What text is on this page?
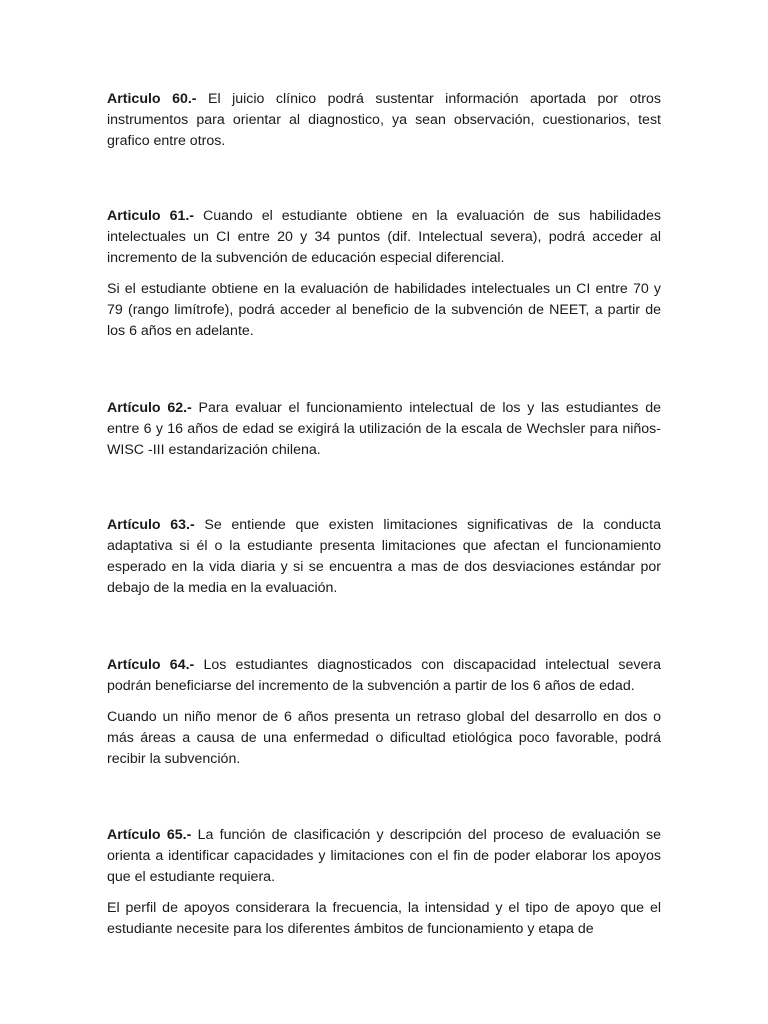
Articulo 60.- El juicio clínico podrá sustentar información aportada por otros instrumentos para orientar al diagnostico, ya sean observación, cuestionarios, test grafico entre otros.

Articulo 61.- Cuando el estudiante obtiene en la evaluación de sus habilidades intelectuales un CI entre 20 y 34 puntos (dif. Intelectual severa), podrá acceder al incremento de la subvención de educación especial diferencial.

Si el estudiante obtiene en la evaluación de habilidades intelectuales un CI entre 70 y 79 (rango limítrofe), podrá acceder al beneficio de la subvención de NEET, a partir de los 6 años en adelante.

Artículo 62.- Para evaluar el funcionamiento intelectual de los y las estudiantes de entre 6 y 16 años de edad se exigirá la utilización de la escala de Wechsler para niños- WISC -III estandarización chilena.

Artículo 63.- Se entiende que existen limitaciones significativas de la conducta adaptativa si él o la estudiante presenta limitaciones que afectan el funcionamiento esperado en la vida diaria y si se encuentra a mas de dos desviaciones estándar por debajo de la media en la evaluación.

Artículo 64.- Los estudiantes diagnosticados con discapacidad intelectual severa podrán beneficiarse del incremento de la subvención a partir de los 6 años de edad.

Cuando un niño menor de 6 años presenta un retraso global del desarrollo en dos o más áreas a causa de una enfermedad o dificultad etiológica poco favorable, podrá recibir la subvención.

Artículo 65.- La función de clasificación y descripción del proceso de evaluación se orienta a identificar capacidades y limitaciones con el fin de poder elaborar los apoyos que el estudiante requiera.

El perfil de apoyos considerara la frecuencia, la intensidad y el tipo de apoyo que el estudiante necesite para los diferentes ámbitos de funcionamiento y etapa de
